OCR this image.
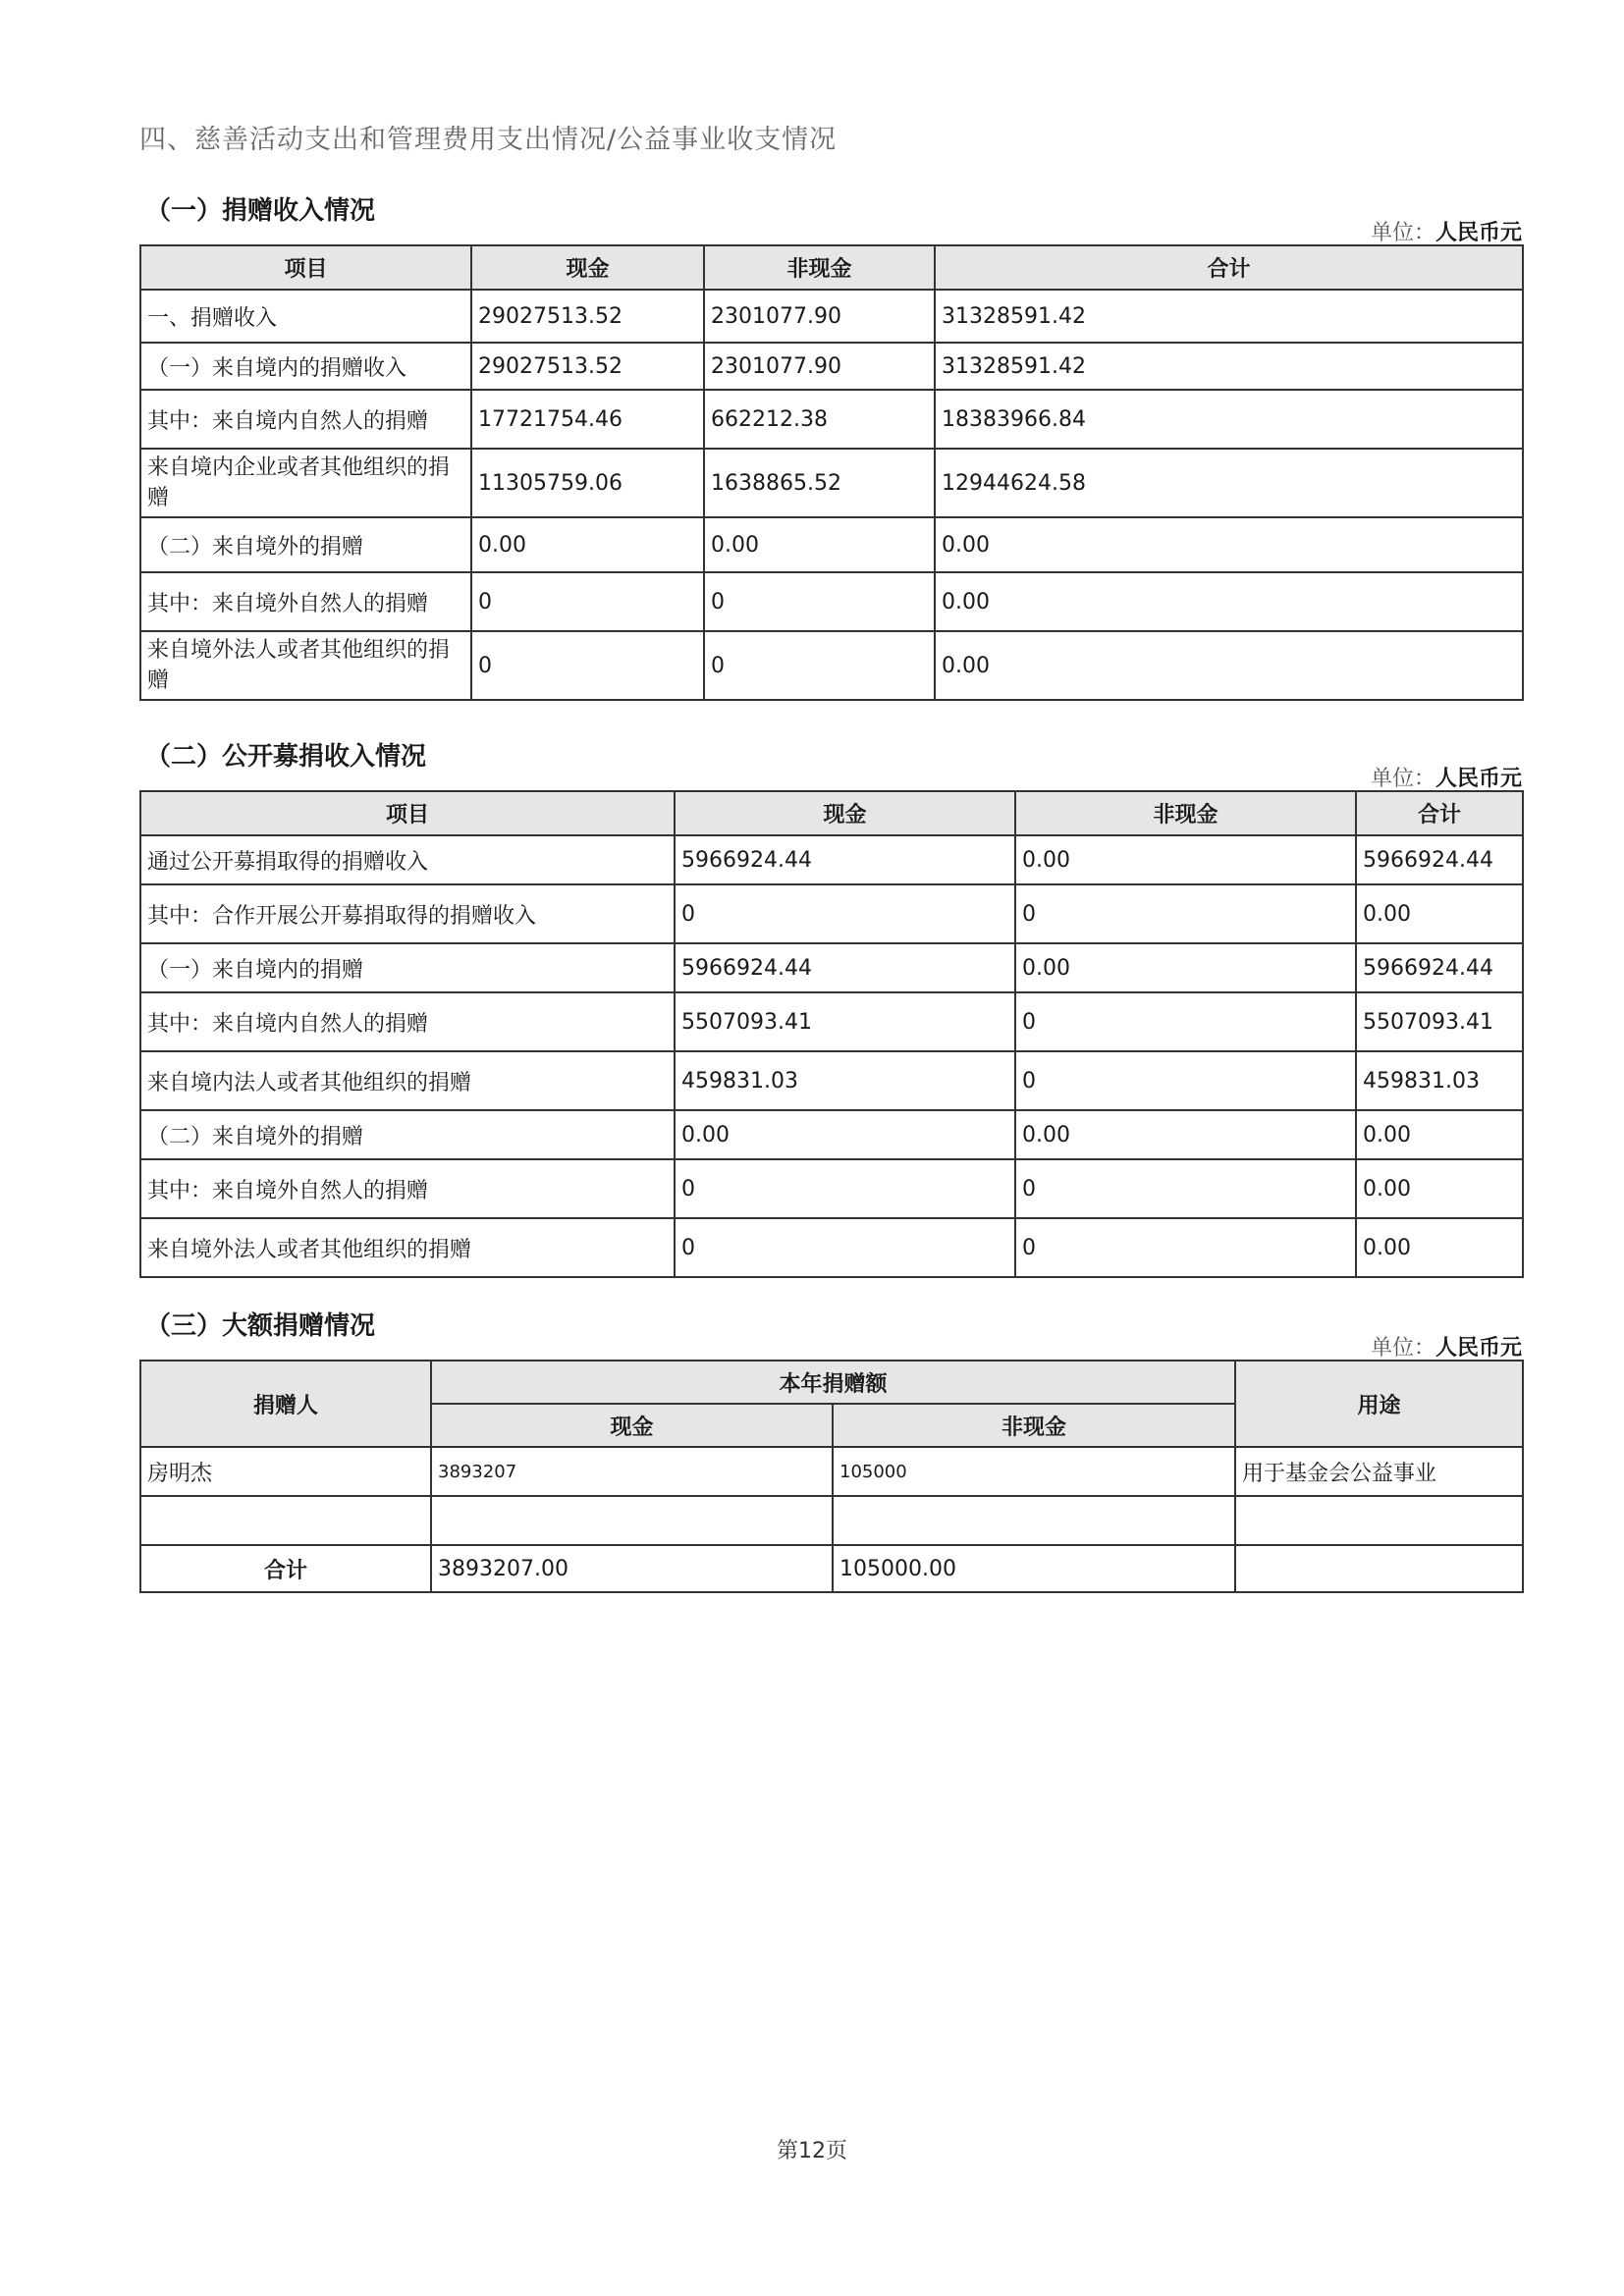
四、慈善活动支出和管理费用支出情况/公益事业收支情况
（一）捐赠收入情况
单位：人民币元
项目	现金	非现金	合计
一、捐赠收入	29027513.52	2301077.90	31328591.42
（一）来自境内的捐赠收入	29027513.52	2301077.90	31328591.42
其中：来自境内自然人的捐赠	17721754.46	662212.38	18383966.84
来自境内企业或者其他组织的捐赠	11305759.06	1638865.52	12944624.58
（二）来自境外的捐赠	0.00	0.00	0.00
其中：来自境外自然人的捐赠	0	0	0.00
来自境外法人或者其他组织的捐赠	0	0	0.00
（二）公开募捐收入情况
单位：人民币元
项目	现金	非现金	合计
通过公开募捐取得的捐赠收入	5966924.44	0.00	5966924.44
其中：合作开展公开募捐取得的捐赠收入	0	0	0.00
（一）来自境内的捐赠	5966924.44	0.00	5966924.44
其中：来自境内自然人的捐赠	5507093.41	0	5507093.41
来自境内法人或者其他组织的捐赠	459831.03	0	459831.03
（二）来自境外的捐赠	0.00	0.00	0.00
其中：来自境外自然人的捐赠	0	0	0.00
来自境外法人或者其他组织的捐赠	0	0	0.00
（三）大额捐赠情况
单位：人民币元
捐赠人	本年捐赠额		用途
	现金	非现金	
房明杰	3893207	105000	用于基金会公益事业

合计	3893207.00	105000.00	
第12页
